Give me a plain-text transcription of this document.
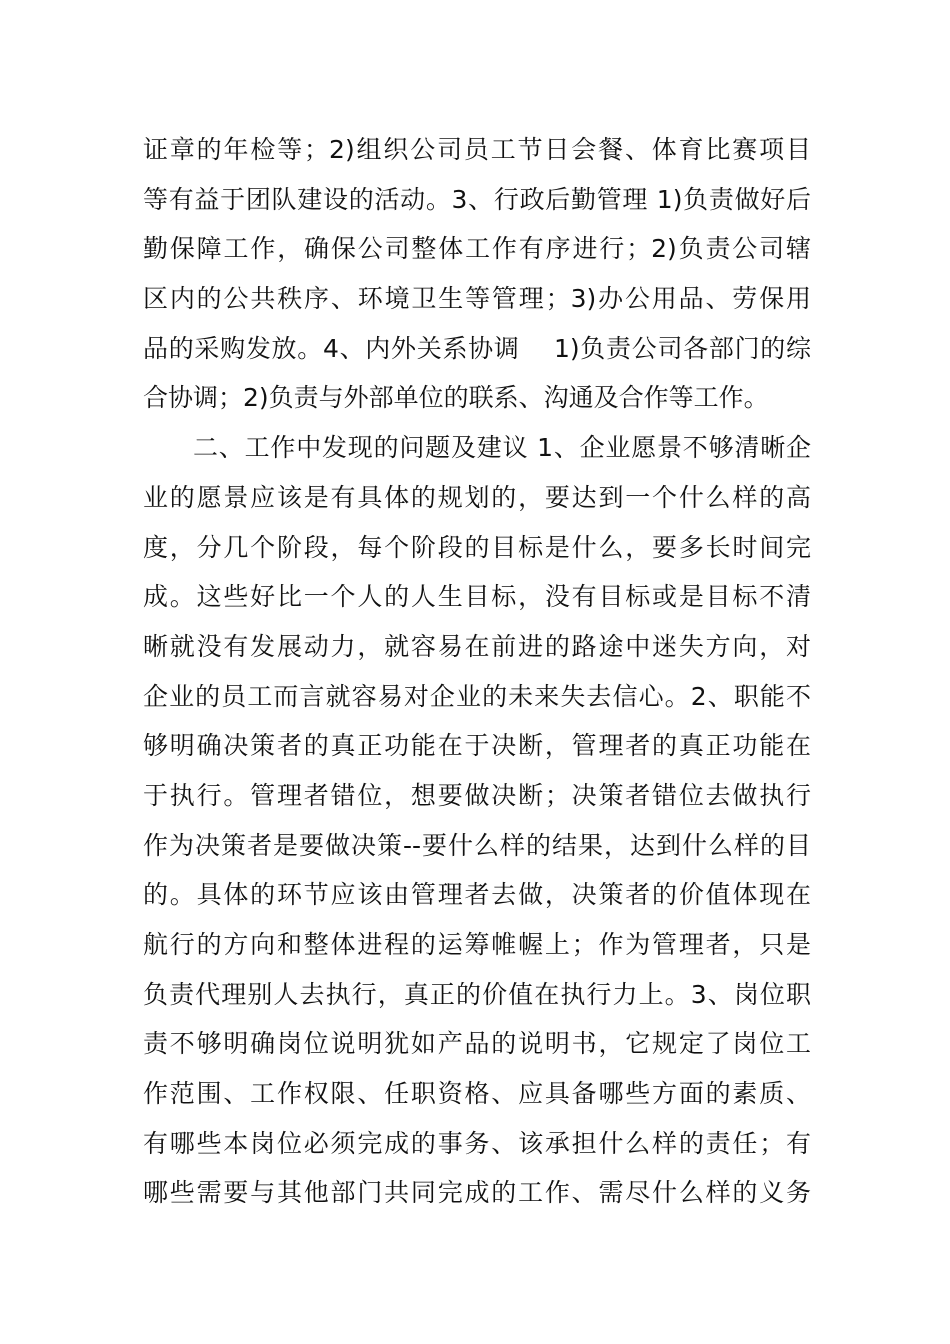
证章的年检等；2)组织公司员工节日会餐、体育比赛项目
等有益于团队建设的活动。3、行政后勤管理 1)负责做好后
勤保障工作，确保公司整体工作有序进行；2)负责公司辖
区内的公共秩序、环境卫生等管理；3)办公用品、劳保用
品的采购发放。4、内外关系协调　 1)负责公司各部门的综
合协调；2)负责与外部单位的联系、沟通及合作等工作。
二、工作中发现的问题及建议 1、企业愿景不够清晰企
业的愿景应该是有具体的规划的，要达到一个什么样的高
度，分几个阶段，每个阶段的目标是什么，要多长时间完
成。这些好比一个人的人生目标，没有目标或是目标不清
晰就没有发展动力，就容易在前进的路途中迷失方向，对
企业的员工而言就容易对企业的未来失去信心。2、职能不
够明确决策者的真正功能在于决断，管理者的真正功能在
于执行。管理者错位，想要做决断；决策者错位去做执行
作为决策者是要做决策--要什么样的结果，达到什么样的目
的。具体的环节应该由管理者去做，决策者的价值体现在
航行的方向和整体进程的运筹帷幄上；作为管理者，只是
负责代理别人去执行，真正的价值在执行力上。3、岗位职
责不够明确岗位说明犹如产品的说明书，它规定了岗位工
作范围、工作权限、任职资格、应具备哪些方面的素质、
有哪些本岗位必须完成的事务、该承担什么样的责任；有
哪些需要与其他部门共同完成的工作、需尽什么样的义务
